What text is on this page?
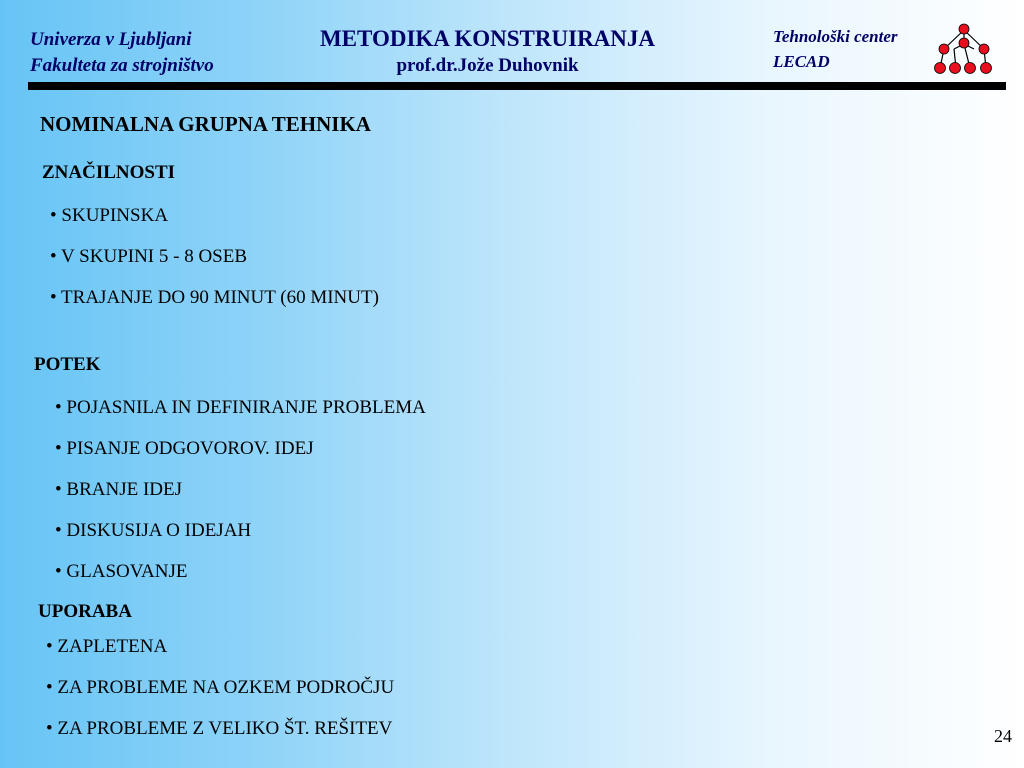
Univerza v Ljubljani
Fakulteta za strojništvo
METODIKA KONSTRUIRANJA
prof.dr.Jože Duhovnik
Tehnološki center
LECAD
NOMINALNA GRUPNA TEHNIKA
ZNAČILNOSTI
• SKUPINSKA
• V SKUPINI 5 - 8 OSEB
• TRAJANJE DO 90 MINUT (60 MINUT)
POTEK
• POJASNILA IN DEFINIRANJE PROBLEMA
• PISANJE ODGOVOROV. IDEJ
• BRANJE IDEJ
• DISKUSIJA O IDEJAH
• GLASOVANJE
UPORABA
• ZAPLETENA
• ZA PROBLEME NA OZKEM PODROČJU
• ZA PROBLEME Z VELIKO ŠT. REŠITEV	24
